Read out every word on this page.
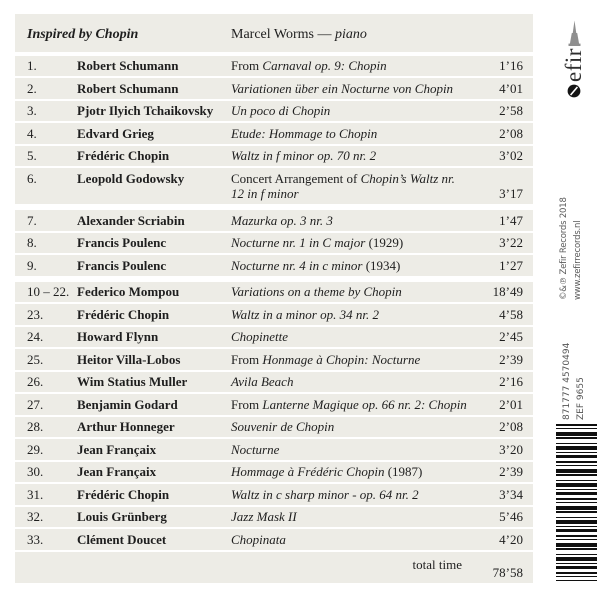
Inspired by Chopin	Marcel Worms — piano
1.	Robert Schumann	From Carnaval op. 9: Chopin	1’16
2.	Robert Schumann	Variationen über ein Nocturne von Chopin	4’01
3.	Pjotr Ilyich Tchaikovsky	Un poco di Chopin	2’58
4.	Edvard Grieg	Etude: Hommage to Chopin	2’08
5.	Frédéric Chopin	Waltz in f minor op. 70 nr. 2	3’02
6.	Leopold Godowsky	Concert Arrangement of Chopin’s Waltz nr. 12 in f minor	3’17
7.	Alexander Scriabin	Mazurka op. 3 nr. 3	1’47
8.	Francis Poulenc	Nocturne nr. 1 in C major (1929)	3’22
9.	Francis Poulenc	Nocturne nr. 4 in c minor (1934)	1’27
10 – 22. Federico Mompou	Variations on a theme by Chopin	18’49
23.	Frédéric Chopin	Waltz in a minor op. 34 nr. 2	4’58
24.	Howard Flynn	Chopinette	2’45
25.	Heitor Villa-Lobos	From Honmage à Chopin: Nocturne	2’39
26.	Wim Statius Muller	Avila Beach	2’16
27.	Benjamin Godard	From Lanterne Magique op. 66 nr. 2: Chopin	2’01
28.	Arthur Honneger	Souvenir de Chopin	2’08
29.	Jean Françaix	Nocturne	3’20
30.	Jean Françaix	Hommage à Frédéric Chopin (1987)	2’39
31.	Frédéric Chopin	Waltz in c sharp minor - op. 64 nr. 2	3’34
32.	Louis Grünberg	Jazz Mask II	5’46
33.	Clément Doucet	Chopinata	4’20
total time
78’58
efir
©&℗ Zefir Records 2018 www.zefirrecords.nl
871777 4570494 ZEF 9655
